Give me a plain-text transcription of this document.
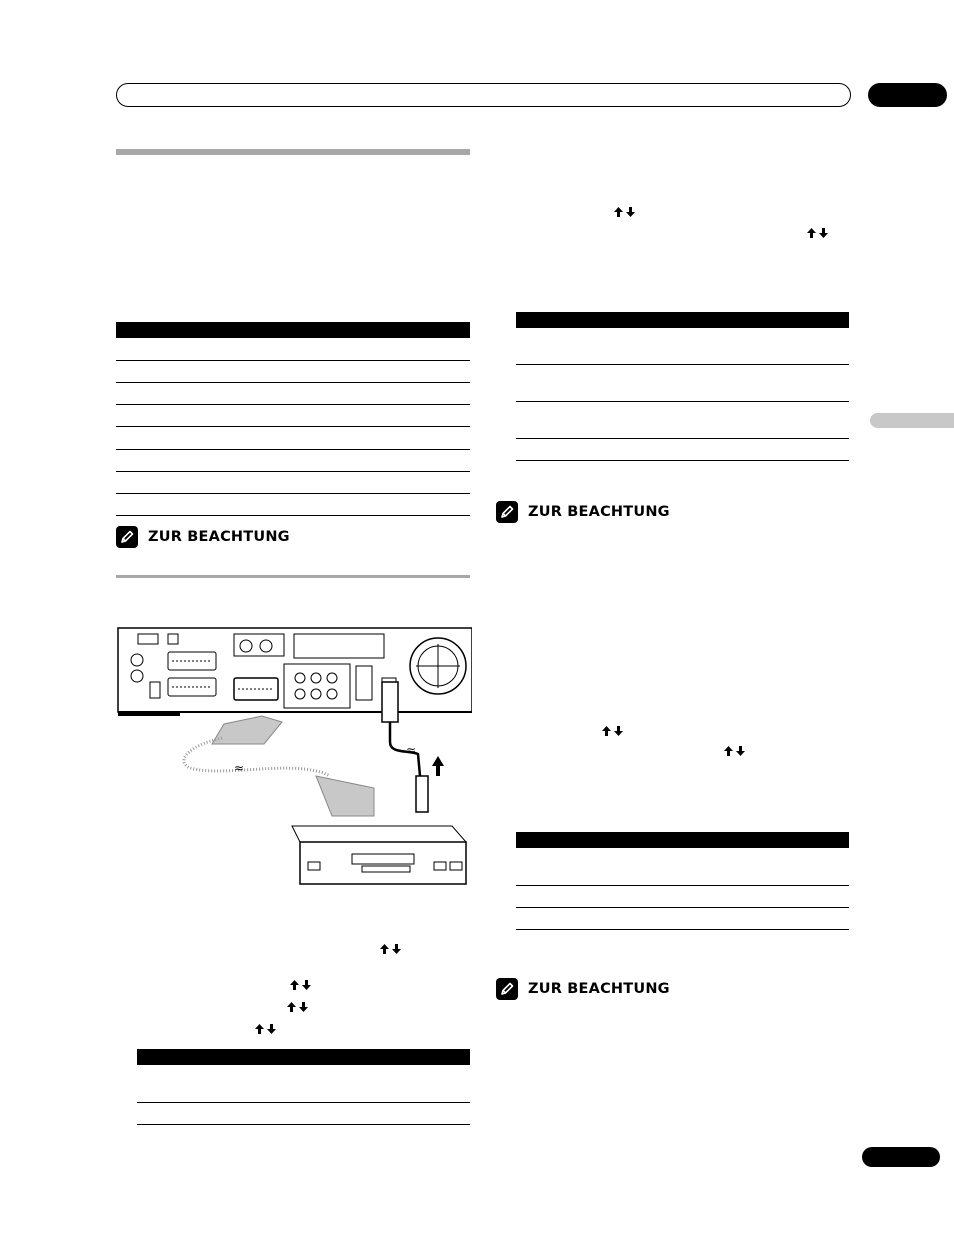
ZUR BEACHTUNG
≈
≈
ZUR BEACHTUNG
ZUR BEACHTUNG
